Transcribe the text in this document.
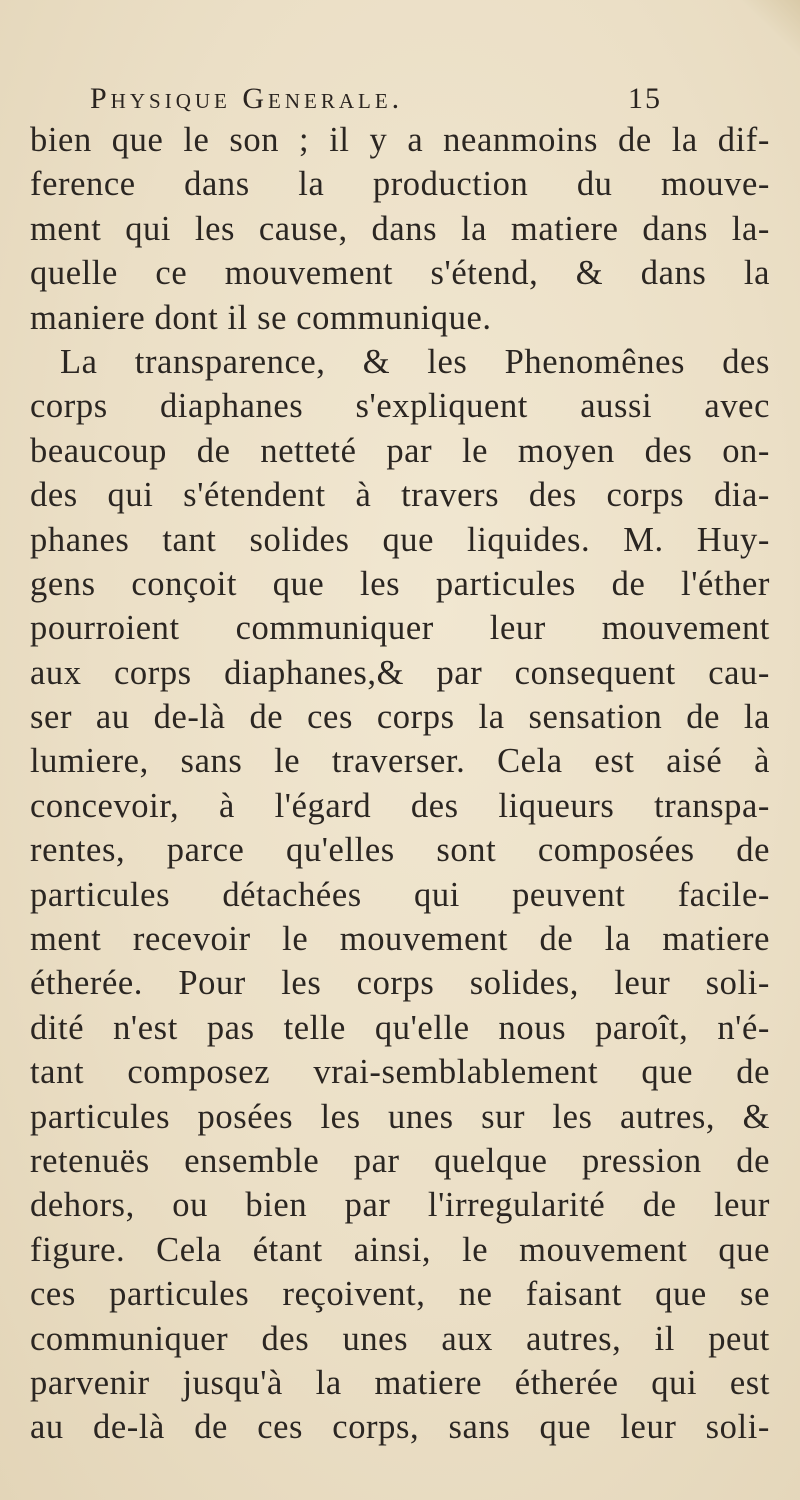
Physique Generale.	15
bien que le son ; il y a neanmoins de la dif-
ference dans la production du mouve-
ment qui les cause, dans la matiere dans la-
quelle ce mouvement s'étend, & dans la
maniere dont il se communique.
La transparence, & les Phenomênes des
corps diaphanes s'expliquent aussi avec
beaucoup de netteté par le moyen des on-
des qui s'étendent à travers des corps dia-
phanes tant solides que liquides. M. Huy-
gens conçoit que les particules de l'éther
pourroient communiquer leur mouvement
aux corps diaphanes,& par consequent cau-
ser au de-là de ces corps la sensation de la
lumiere, sans le traverser. Cela est aisé à
concevoir, à l'égard des liqueurs transpa-
rentes, parce qu'elles sont composées de
particules détachées qui peuvent facile-
ment recevoir le mouvement de la matiere
étherée. Pour les corps solides, leur soli-
dité n'est pas telle qu'elle nous paroît, n'é-
tant composez vrai-semblablement que de
particules posées les unes sur les autres, &
retenuës ensemble par quelque pression de
dehors, ou bien par l'irregularité de leur
figure. Cela étant ainsi, le mouvement que
ces particules reçoivent, ne faisant que se
communiquer des unes aux autres, il peut
parvenir jusqu'à la matiere étherée qui est
au de-là de ces corps, sans que leur soli-
